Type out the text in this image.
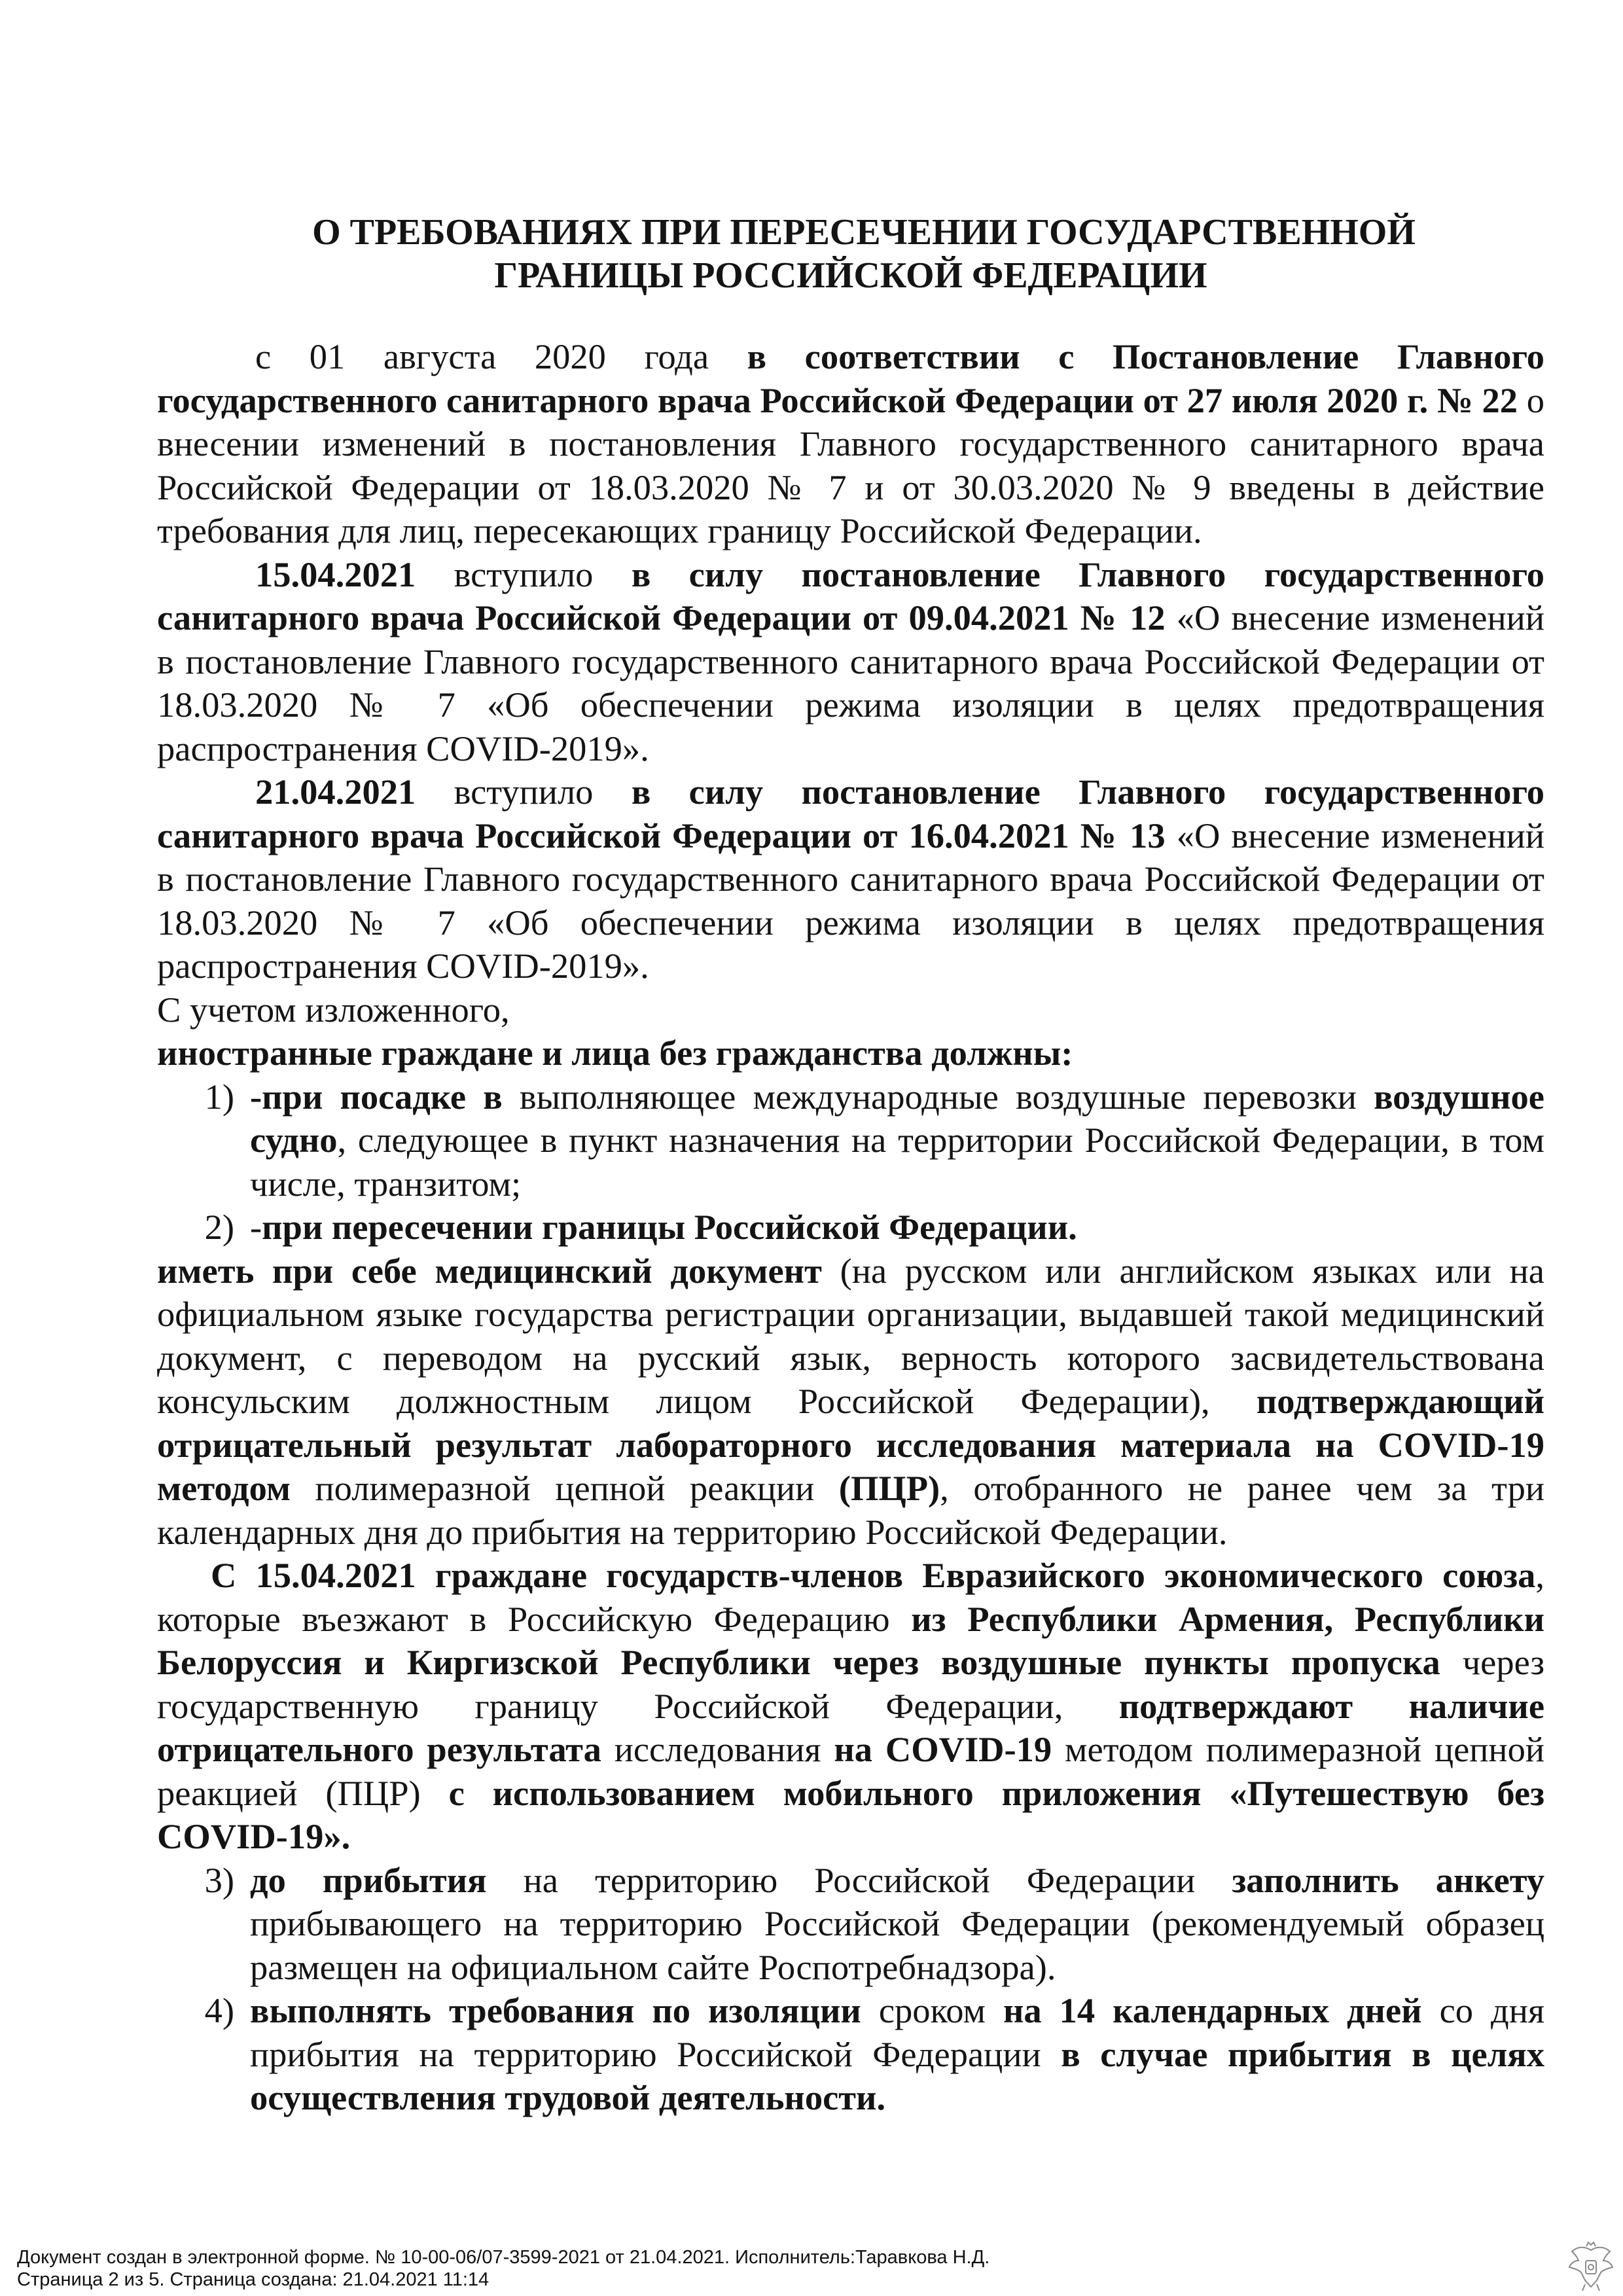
О ТРЕБОВАНИЯХ ПРИ ПЕРЕСЕЧЕНИИ ГОСУДАРСТВЕННОЙ
ГРАНИЦЫ РОССИЙСКОЙ ФЕДЕРАЦИИ

с 01 августа 2020 года в соответствии с Постановление Главного государственного санитарного врача Российской Федерации от 27 июля 2020 г. № 22 о внесении изменений в постановления Главного государственного санитарного врача Российской Федерации от 18.03.2020 № 7 и от 30.03.2020 № 9 введены в действие требования для лиц, пересекающих границу Российской Федерации.

15.04.2021 вступило в силу постановление Главного государственного санитарного врача Российской Федерации от 09.04.2021 № 12 «О внесение изменений в постановление Главного государственного санитарного врача Российской Федерации от 18.03.2020 № 7 «Об обеспечении режима изоляции в целях предотвращения распространения COVID-2019».

21.04.2021 вступило в силу постановление Главного государственного санитарного врача Российской Федерации от 16.04.2021 № 13 «О внесение изменений в постановление Главного государственного санитарного врача Российской Федерации от 18.03.2020 № 7 «Об обеспечении режима изоляции в целях предотвращения распространения COVID-2019».

С учетом изложенного,

иностранные граждане и лица без гражданства должны:

1) -при посадке в выполняющее международные воздушные перевозки воздушное судно, следующее в пункт назначения на территории Российской Федерации, в том числе, транзитом;
2) -при пересечении границы Российской Федерации.

иметь при себе медицинский документ (на русском или английском языках или на официальном языке государства регистрации организации, выдавшей такой медицинский документ, с переводом на русский язык, верность которого засвидетельствована консульским должностным лицом Российской Федерации), подтверждающий отрицательный результат лабораторного исследования материала на COVID-19 методом полимеразной цепной реакции (ПЦР), отобранного не ранее чем за три календарных дня до прибытия на территорию Российской Федерации.

С 15.04.2021 граждане государств-членов Евразийского экономического союза, которые въезжают в Российскую Федерацию из Республики Армения, Республики Белоруссия и Киргизской Республики через воздушные пункты пропуска через государственную границу Российской Федерации, подтверждают наличие отрицательного результата исследования на COVID-19 методом полимеразной цепной реакцией (ПЦР) с использованием мобильного приложения «Путешествую без COVID-19».

3) до прибытия на территорию Российской Федерации заполнить анкету прибывающего на территорию Российской Федерации (рекомендуемый образец размещен на официальном сайте Роспотребнадзора).
4) выполнять требования по изоляции сроком на 14 календарных дней со дня прибытия на территорию Российской Федерации в случае прибытия в целях осуществления трудовой деятельности.
Документ создан в электронной форме. № 10-00-06/07-3599-2021 от 21.04.2021. Исполнитель:Таравкова Н.Д.
Страница 2 из 5. Страница создана: 21.04.2021 11:14
